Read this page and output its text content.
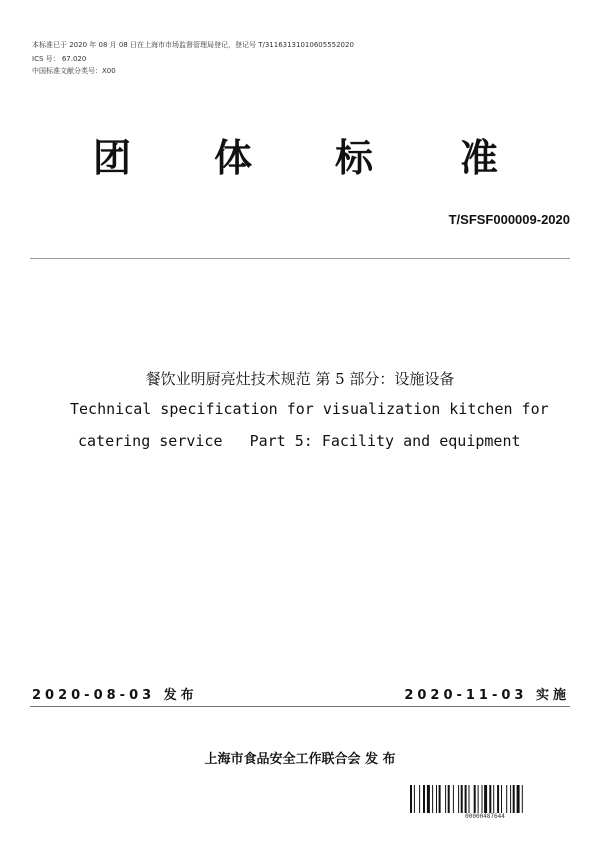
本标准已于 2020 年 08 月 08 日在上海市市场监督管理局登记，登记号 T/31163131010605552020
ICS 号： 67.020
中国标准文献分类号：X00
团 体 标 准
T/SFSF000009-2020
餐饮业明厨亮灶技术规范 第 5 部分：设施设备
Technical specification for visualization kitchen for
catering service   Part 5: Facility and equipment
2020-08-03 发布	2020-11-03 实施
上海市食品安全工作联合会 发 布
00000487644
